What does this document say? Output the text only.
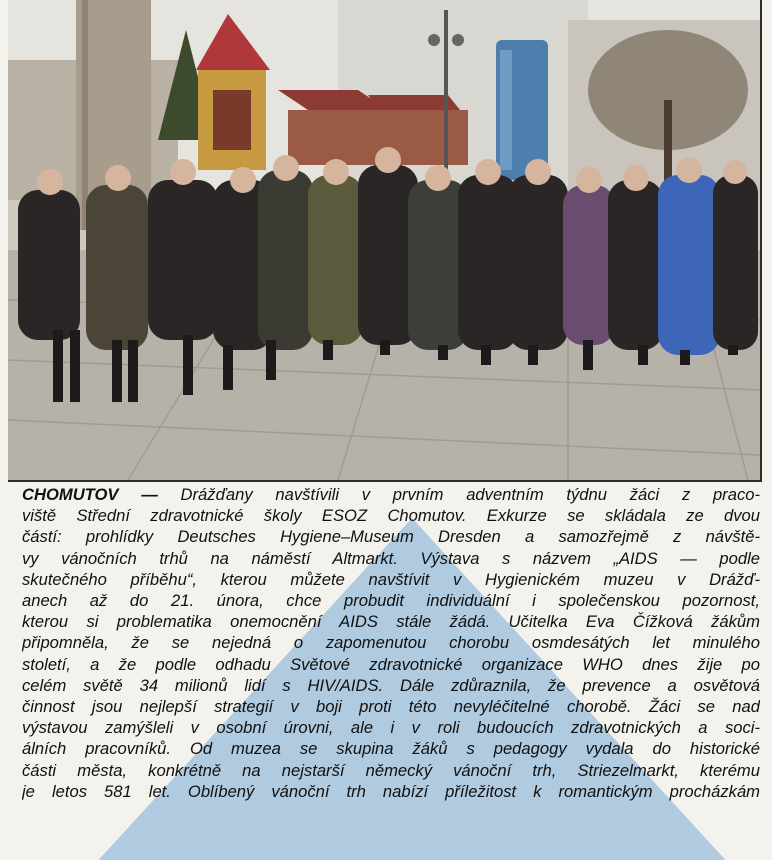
CHOMUTOV — Drážďany navštívili v prvním adventním týdnu žáci z praco-
viště Střední zdravotnické školy ESOZ Chomutov. Exkurze se skládala ze dvou
částí: prohlídky Deutsches Hygiene–Museum Dresden a samozřejmě z návště-
vy vánočních trhů na náměstí Altmarkt. Výstava s názvem „AIDS — podle
skutečného příběhu“, kterou můžete navštívit v Hygienickém muzeu v Drážď-
anech až do 21. února, chce probudit individuální i společenskou pozornost,
kterou si problematika onemocnění AIDS stále žádá. Učitelka Eva Čížková žákům
připomněla, že se nejedná o zapomenutou chorobu osmdesátých let minulého
století, a že podle odhadu Světové zdravotnické organizace WHO dnes žije po
celém světě 34 milionů lidí s HIV/AIDS. Dále zdůraznila, že prevence a osvětová
činnost jsou nejlepší strategií v boji proti této nevyléčitelné chorobě. Žáci se nad
výstavou zamýšleli v osobní úrovni, ale i v roli budoucích zdravotnických a soci-
álních pracovníků. Od muzea se skupina žáků s pedagogy vydala do historické
části města, konkrétně na nejstarší německý vánoční trh, Striezelmarkt, kterému
je letos 581 let. Oblíbený vánoční trh nabízí příležitost k romantickým procházkám
